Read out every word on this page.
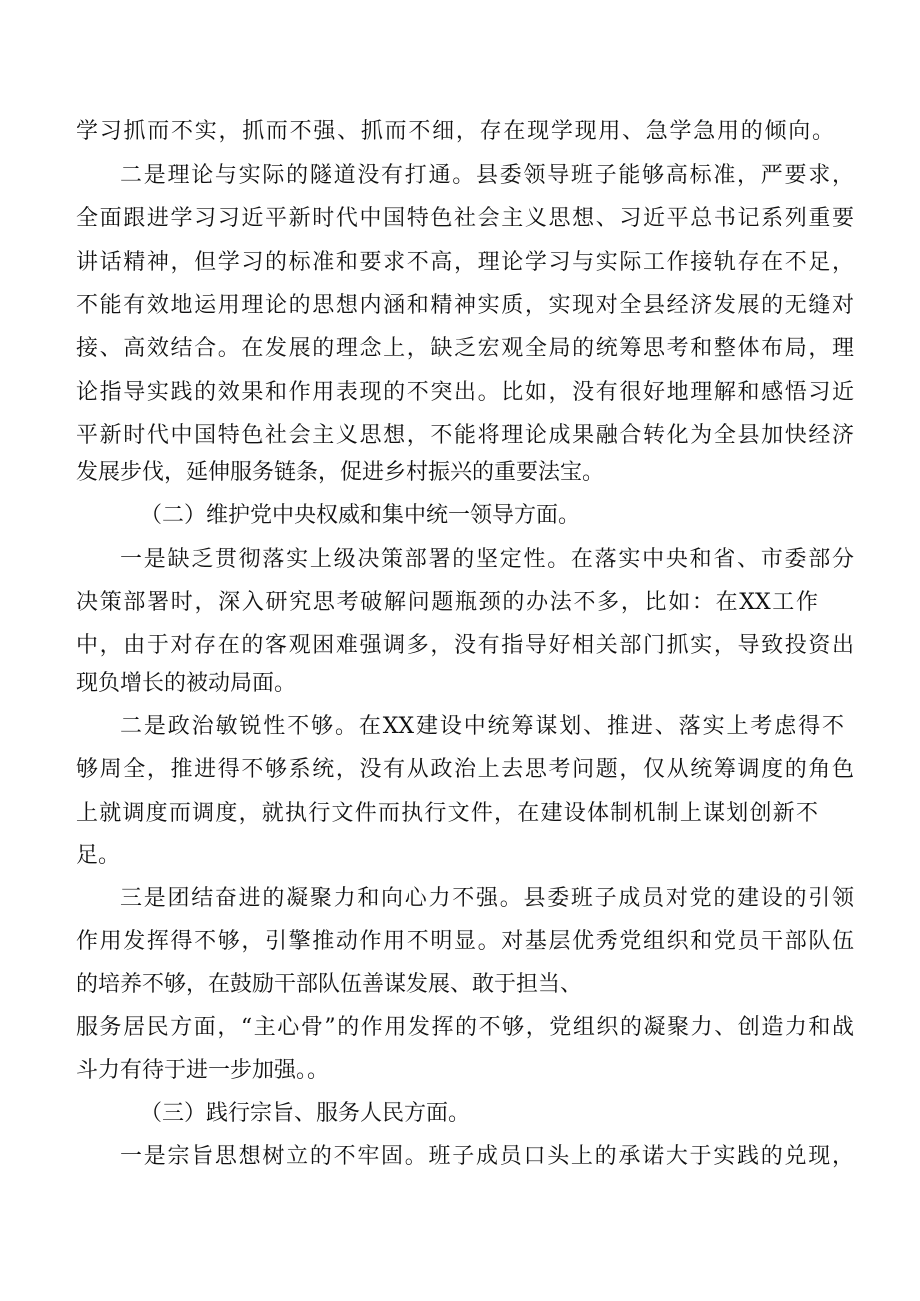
学习抓而不实，抓而不强、抓而不细，存在现学现用、急学急用的倾向。
二是理论与实际的隧道没有打通。县委领导班子能够高标准，严要求，
全面跟进学习习近平新时代中国特色社会主义思想、习近平总书记系列重要
讲话精神，但学习的标准和要求不高，理论学习与实际工作接轨存在不足，
不能有效地运用理论的思想内涵和精神实质，实现对全县经济发展的无缝对
接、高效结合。在发展的理念上，缺乏宏观全局的统筹思考和整体布局，理
论指导实践的效果和作用表现的不突出。比如，没有很好地理解和感悟习近
平新时代中国特色社会主义思想，不能将理论成果融合转化为全县加快经济
发展步伐，延伸服务链条，促进乡村振兴的重要法宝。
（二）维护党中央权威和集中统一领导方面。
一是缺乏贯彻落实上级决策部署的坚定性。在落实中央和省、市委部分
决策部署时，深入研究思考破解问题瓶颈的办法不多，比如：在XX工作
中，由于对存在的客观困难强调多，没有指导好相关部门抓实，导致投资出
现负增长的被动局面。
二是政治敏锐性不够。在XX建设中统筹谋划、推进、落实上考虑得不
够周全，推进得不够系统，没有从政治上去思考问题，仅从统筹调度的角色
上就调度而调度，就执行文件而执行文件，在建设体制机制上谋划创新不
足。
三是团结奋进的凝聚力和向心力不强。县委班子成员对党的建设的引领
作用发挥得不够，引擎推动作用不明显。对基层优秀党组织和党员干部队伍
的培养不够，在鼓励干部队伍善谋发展、敢于担当、
服务居民方面，“主心骨”的作用发挥的不够，党组织的凝聚力、创造力和战
斗力有待于进一步加强。。
（三）践行宗旨、服务人民方面。
一是宗旨思想树立的不牢固。班子成员口头上的承诺大于实践的兑现，
